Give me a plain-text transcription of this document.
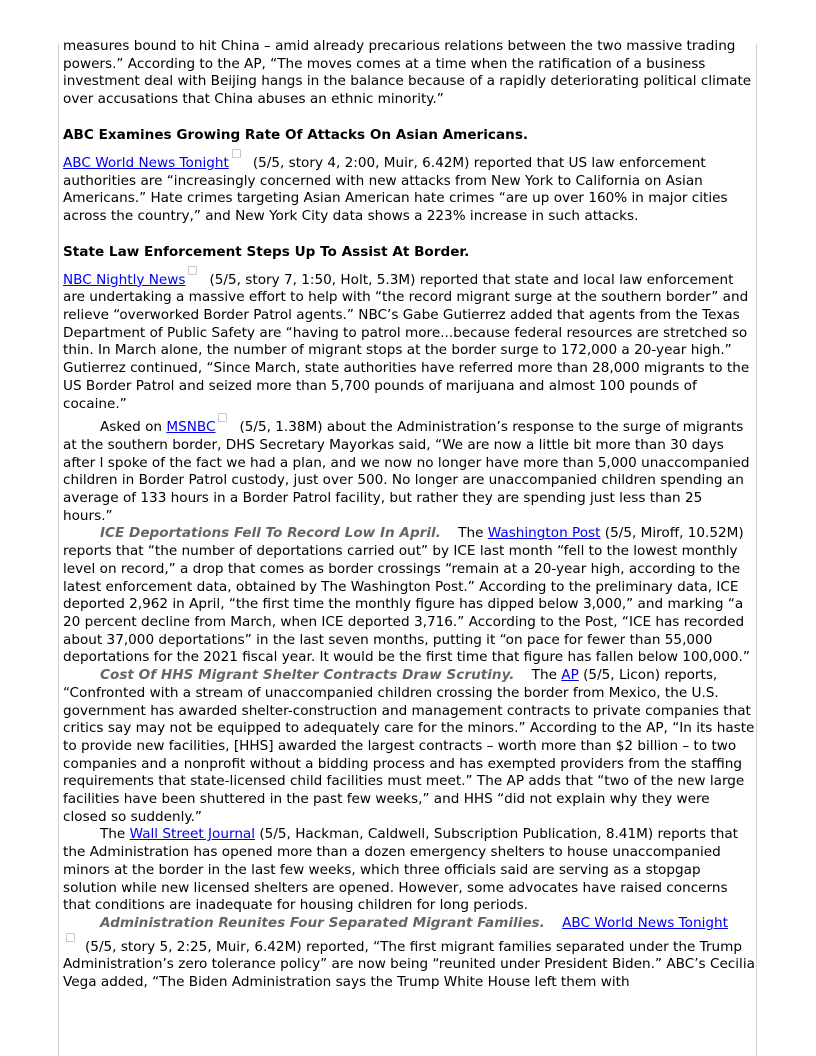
measures bound to hit China – amid already precarious relations between the two massive trading powers.” According to the AP, “The moves comes at a time when the ratification of a business investment deal with Beijing hangs in the balance because of a rapidly deteriorating political climate over accusations that China abuses an ethnic minority.”

ABC Examines Growing Rate Of Attacks On Asian Americans.

ABC World News Tonight (5/5, story 4, 2:00, Muir, 6.42M) reported that US law enforcement authorities are “increasingly concerned with new attacks from New York to California on Asian Americans.” Hate crimes targeting Asian American hate crimes “are up over 160% in major cities across the country,” and New York City data shows a 223% increase in such attacks.

State Law Enforcement Steps Up To Assist At Border.

NBC Nightly News (5/5, story 7, 1:50, Holt, 5.3M) reported that state and local law enforcement are undertaking a massive effort to help with “the record migrant surge at the southern border” and relieve “overworked Border Patrol agents.” NBC’s Gabe Gutierrez added that agents from the Texas Department of Public Safety are “having to patrol more...because federal resources are stretched so thin. In March alone, the number of migrant stops at the border surge to 172,000 a 20-year high.” Gutierrez continued, “Since March, state authorities have referred more than 28,000 migrants to the US Border Patrol and seized more than 5,700 pounds of marijuana and almost 100 pounds of cocaine.”

Asked on MSNBC (5/5, 1.38M) about the Administration’s response to the surge of migrants at the southern border, DHS Secretary Mayorkas said, “We are now a little bit more than 30 days after I spoke of the fact we had a plan, and we now no longer have more than 5,000 unaccompanied children in Border Patrol custody, just over 500. No longer are unaccompanied children spending an average of 133 hours in a Border Patrol facility, but rather they are spending just less than 25 hours.”

ICE Deportations Fell To Record Low In April. The Washington Post (5/5, Miroff, 10.52M) reports that “the number of deportations carried out” by ICE last month “fell to the lowest monthly level on record,” a drop that comes as border crossings “remain at a 20-year high, according to the latest enforcement data, obtained by The Washington Post.” According to the preliminary data, ICE deported 2,962 in April, “the first time the monthly figure has dipped below 3,000,” and marking “a 20 percent decline from March, when ICE deported 3,716.” According to the Post, “ICE has recorded about 37,000 deportations” in the last seven months, putting it “on pace for fewer than 55,000 deportations for the 2021 fiscal year. It would be the first time that figure has fallen below 100,000.”

Cost Of HHS Migrant Shelter Contracts Draw Scrutiny. The AP (5/5, Licon) reports, “Confronted with a stream of unaccompanied children crossing the border from Mexico, the U.S. government has awarded shelter-construction and management contracts to private companies that critics say may not be equipped to adequately care for the minors.” According to the AP, “In its haste to provide new facilities, [HHS] awarded the largest contracts – worth more than $2 billion – to two companies and a nonprofit without a bidding process and has exempted providers from the staffing requirements that state-licensed child facilities must meet.” The AP adds that “two of the new large facilities have been shuttered in the past few weeks,” and HHS “did not explain why they were closed so suddenly.”

The Wall Street Journal (5/5, Hackman, Caldwell, Subscription Publication, 8.41M) reports that the Administration has opened more than a dozen emergency shelters to house unaccompanied minors at the border in the last few weeks, which three officials said are serving as a stopgap solution while new licensed shelters are opened. However, some advocates have raised concerns that conditions are inadequate for housing children for long periods.

Administration Reunites Four Separated Migrant Families. ABC World News Tonight
(5/5, story 5, 2:25, Muir, 6.42M) reported, “The first migrant families separated under the Trump Administration’s zero tolerance policy” are now being “reunited under President Biden.” ABC’s Cecilia Vega added, “The Biden Administration says the Trump White House left them with
